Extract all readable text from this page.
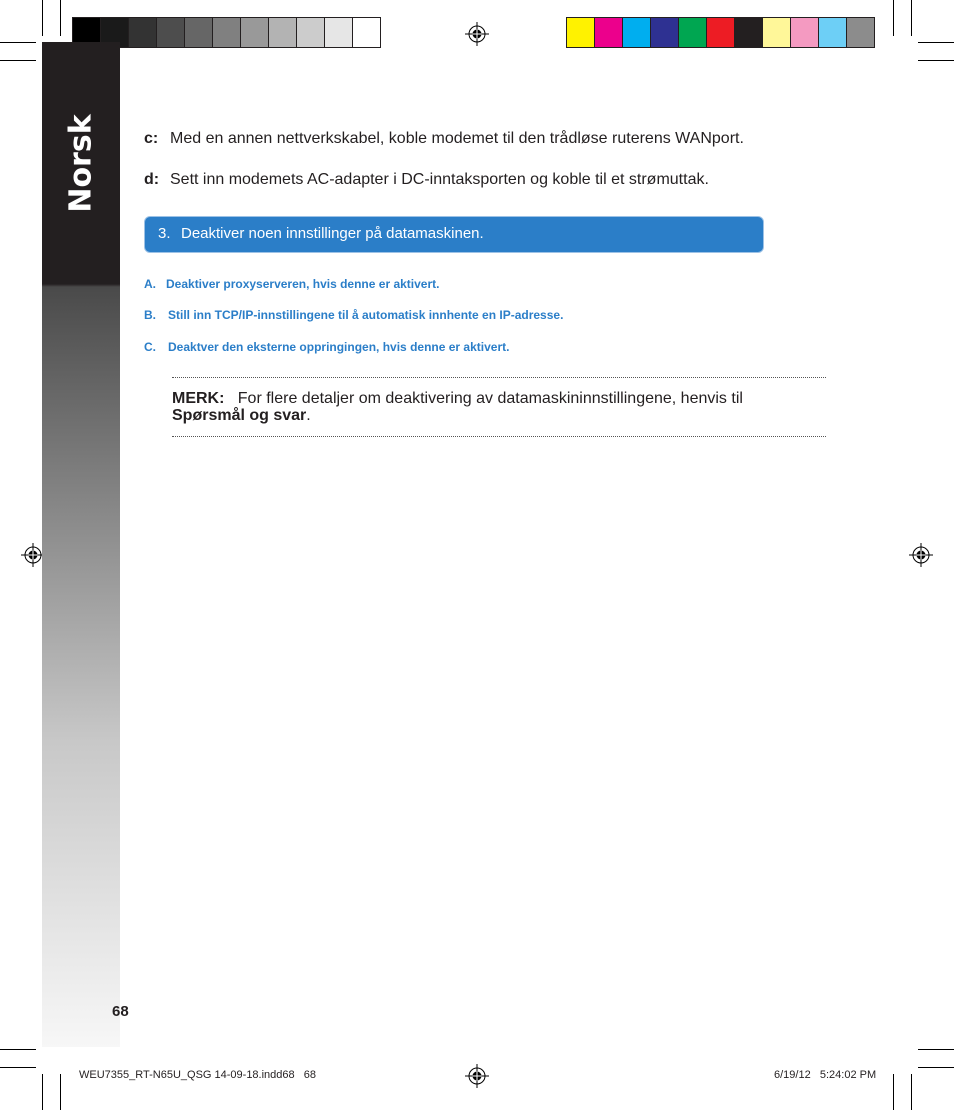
Norsk	c: Med en annen nettverkskabel, koble modemet til den trådløse ruterens WANport.
d: Sett inn modemets AC-adapter i DC-inntaksporten og koble til et strømuttak.
3. Deaktiver noen innstillinger på datamaskinen.
A. Deaktiver proxyserveren, hvis denne er aktivert.
B. Still inn TCP/IP-innstillingene til å automatisk innhente en IP-adresse.
C. Deaktver den eksterne oppringingen, hvis denne er aktivert.
MERK: For flere detaljer om deaktivering av datamaskininnstillingene, henvis til
Spørsmål og svar.
68
WEU7355_RT-N65U_QSG 14-09-18.indd68   68	6/19/12   5:24:02 PM
